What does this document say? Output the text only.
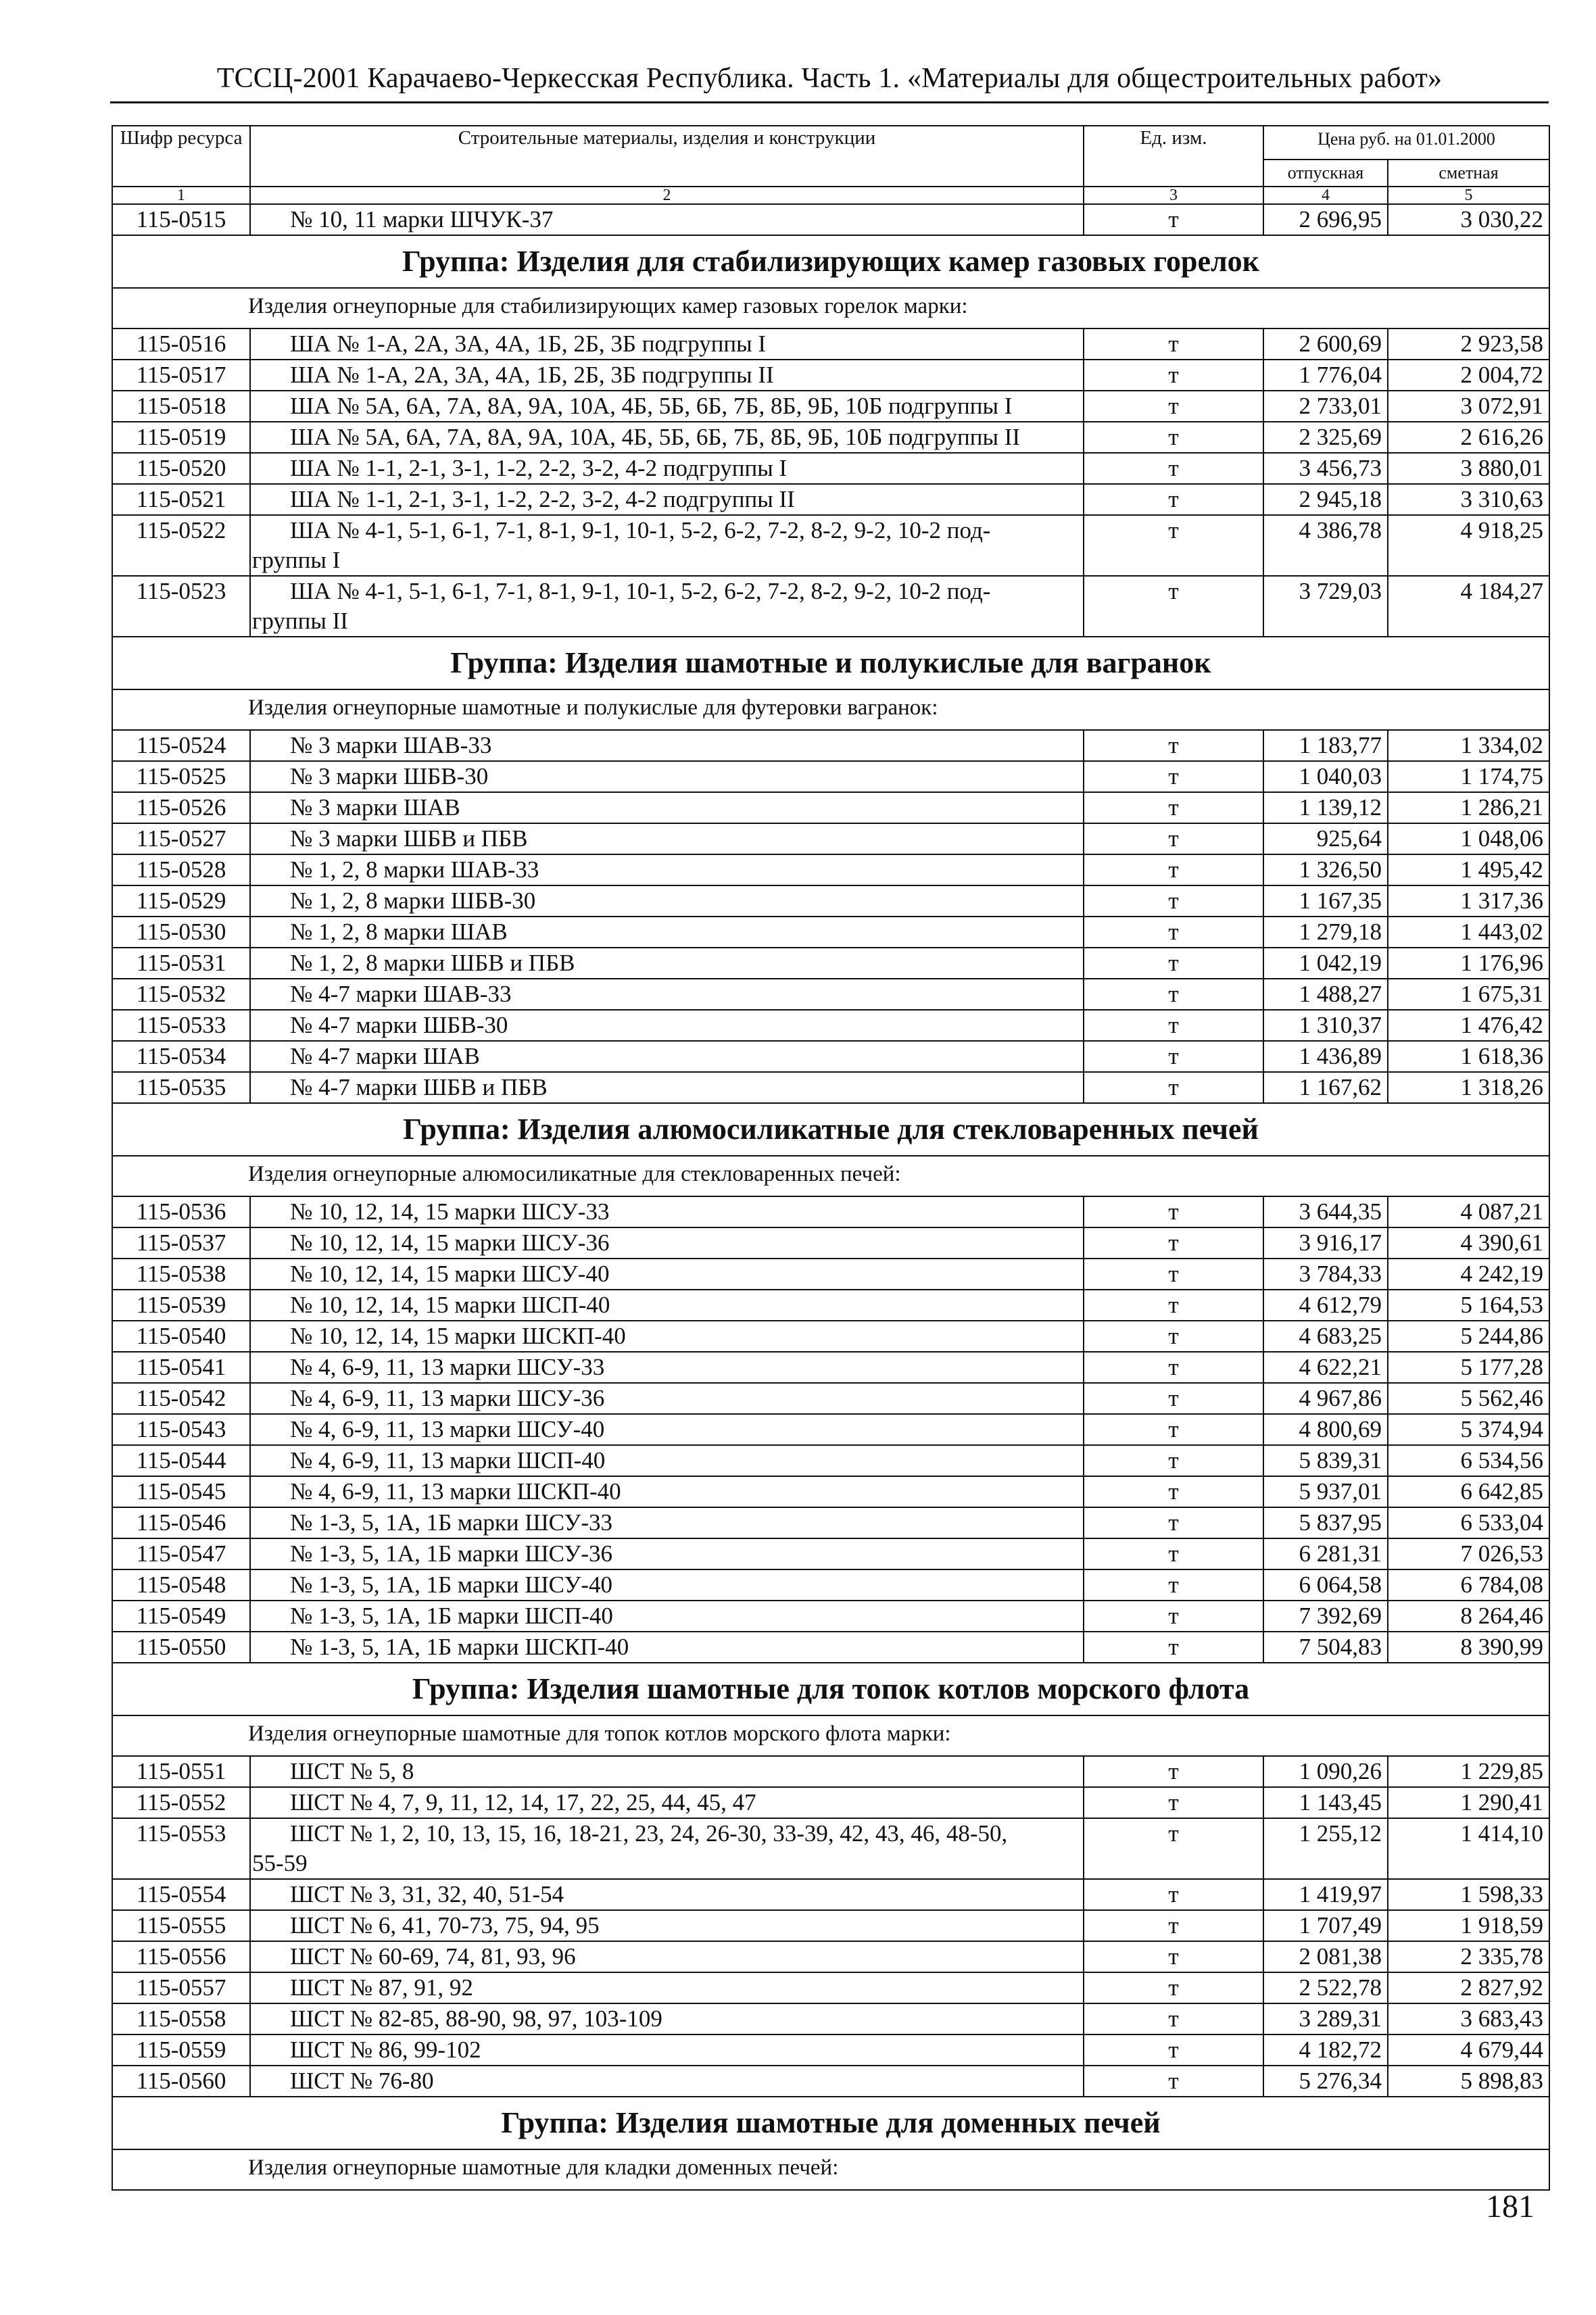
ТССЦ-2001 Карачаево-Черкесская Республика. Часть 1. «Материалы для общестроительных работ»
Шифр ресурса	Строительные материалы, изделия и конструкции	Ед. изм.	Цена руб. на 01.01.2000	
			отпускная	сметная
1	2	3	4	5
115-0515	№ 10, 11 марки ШЧУК-37	т	2 696,95	3 030,22
Группа: Изделия для стабилизирующих камер газовых горелок				
Изделия огнеупорные для стабилизирующих камер газовых горелок марки:				
115-0516	ША № 1-А, 2А, 3А, 4А, 1Б, 2Б, 3Б подгруппы I	т	2 600,69	2 923,58
115-0517	ША № 1-А, 2А, 3А, 4А, 1Б, 2Б, 3Б подгруппы II	т	1 776,04	2 004,72
115-0518	ША № 5А, 6А, 7А, 8А, 9А, 10А, 4Б, 5Б, 6Б, 7Б, 8Б, 9Б, 10Б подгруппы I	т	2 733,01	3 072,91
115-0519	ША № 5А, 6А, 7А, 8А, 9А, 10А, 4Б, 5Б, 6Б, 7Б, 8Б, 9Б, 10Б подгруппы II	т	2 325,69	2 616,26
115-0520	ША № 1-1, 2-1, 3-1, 1-2, 2-2, 3-2, 4-2 подгруппы I	т	3 456,73	3 880,01
115-0521	ША № 1-1, 2-1, 3-1, 1-2, 2-2, 3-2, 4-2 подгруппы II	т	2 945,18	3 310,63
115-0522	ША № 4-1, 5-1, 6-1, 7-1, 8-1, 9-1, 10-1, 5-2, 6-2, 7-2, 8-2, 9-2, 10-2 под-
группы I	т	4 386,78	4 918,25
115-0523	ША № 4-1, 5-1, 6-1, 7-1, 8-1, 9-1, 10-1, 5-2, 6-2, 7-2, 8-2, 9-2, 10-2 под-
группы II	т	3 729,03	4 184,27
Группа: Изделия шамотные и полукислые для вагранок				
Изделия огнеупорные шамотные и полукислые для футеровки вагранок:				
115-0524	№ 3 марки ШАВ-33	т	1 183,77	1 334,02
115-0525	№ 3 марки ШБВ-30	т	1 040,03	1 174,75
115-0526	№ 3 марки ШАВ	т	1 139,12	1 286,21
115-0527	№ 3 марки ШБВ и ПБВ	т	925,64	1 048,06
115-0528	№ 1, 2, 8 марки ШАВ-33	т	1 326,50	1 495,42
115-0529	№ 1, 2, 8 марки ШБВ-30	т	1 167,35	1 317,36
115-0530	№ 1, 2, 8 марки ШАВ	т	1 279,18	1 443,02
115-0531	№ 1, 2, 8 марки ШБВ и ПБВ	т	1 042,19	1 176,96
115-0532	№ 4-7 марки ШАВ-33	т	1 488,27	1 675,31
115-0533	№ 4-7 марки ШБВ-30	т	1 310,37	1 476,42
115-0534	№ 4-7 марки ШАВ	т	1 436,89	1 618,36
115-0535	№ 4-7 марки ШБВ и ПБВ	т	1 167,62	1 318,26
Группа: Изделия алюмосиликатные для стекловаренных печей				
Изделия огнеупорные алюмосиликатные для стекловаренных печей:				
115-0536	№ 10, 12, 14, 15 марки ШСУ-33	т	3 644,35	4 087,21
115-0537	№ 10, 12, 14, 15 марки ШСУ-36	т	3 916,17	4 390,61
115-0538	№ 10, 12, 14, 15 марки ШСУ-40	т	3 784,33	4 242,19
115-0539	№ 10, 12, 14, 15 марки ШСП-40	т	4 612,79	5 164,53
115-0540	№ 10, 12, 14, 15 марки ШСКП-40	т	4 683,25	5 244,86
115-0541	№ 4, 6-9, 11, 13 марки ШСУ-33	т	4 622,21	5 177,28
115-0542	№ 4, 6-9, 11, 13 марки ШСУ-36	т	4 967,86	5 562,46
115-0543	№ 4, 6-9, 11, 13 марки ШСУ-40	т	4 800,69	5 374,94
115-0544	№ 4, 6-9, 11, 13 марки ШСП-40	т	5 839,31	6 534,56
115-0545	№ 4, 6-9, 11, 13 марки ШСКП-40	т	5 937,01	6 642,85
115-0546	№ 1-3, 5, 1А, 1Б марки ШСУ-33	т	5 837,95	6 533,04
115-0547	№ 1-3, 5, 1А, 1Б марки ШСУ-36	т	6 281,31	7 026,53
115-0548	№ 1-3, 5, 1А, 1Б марки ШСУ-40	т	6 064,58	6 784,08
115-0549	№ 1-3, 5, 1А, 1Б марки ШСП-40	т	7 392,69	8 264,46
115-0550	№ 1-3, 5, 1А, 1Б марки ШСКП-40	т	7 504,83	8 390,99
Группа: Изделия шамотные для топок котлов морского флота				
Изделия огнеупорные шамотные для топок котлов морского флота марки:				
115-0551	ШСТ № 5, 8	т	1 090,26	1 229,85
115-0552	ШСТ № 4, 7, 9, 11, 12, 14, 17, 22, 25, 44, 45, 47	т	1 143,45	1 290,41
115-0553	ШСТ № 1, 2, 10, 13, 15, 16, 18-21, 23, 24, 26-30, 33-39, 42, 43, 46, 48-50,
55-59	т	1 255,12	1 414,10
115-0554	ШСТ № 3, 31, 32, 40, 51-54	т	1 419,97	1 598,33
115-0555	ШСТ № 6, 41, 70-73, 75, 94, 95	т	1 707,49	1 918,59
115-0556	ШСТ № 60-69, 74, 81, 93, 96	т	2 081,38	2 335,78
115-0557	ШСТ № 87, 91, 92	т	2 522,78	2 827,92
115-0558	ШСТ № 82-85, 88-90, 98, 97, 103-109	т	3 289,31	3 683,43
115-0559	ШСТ № 86, 99-102	т	4 182,72	4 679,44
115-0560	ШСТ № 76-80	т	5 276,34	5 898,83
Группа: Изделия шамотные для доменных печей				
Изделия огнеупорные шамотные для кладки доменных печей:				
181
